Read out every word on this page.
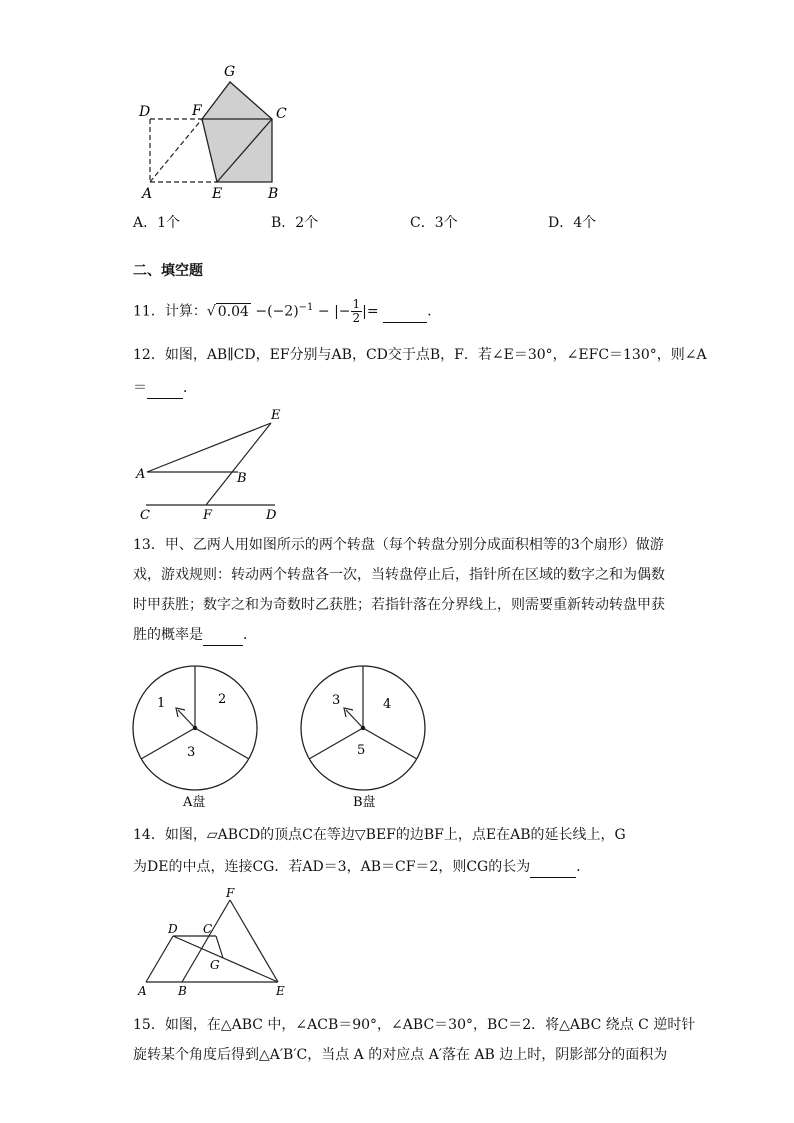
G
D	F	C
A	E	B
A．1个	B．2个	C．3个	D．4个
二、填空题
11．计算：√ $0.04 -(-2)^{-1}$ − |− $\frac{1}{2}$ |=	.
12．如图，AB∥CD，EF分别与AB，CD交于点B，F．若∠E＝30°，∠EFC＝130°，则∠A
＝	．
E
A	B
C	F	D
13．甲、乙两人用如图所示的两个转盘（每个转盘分别分成面积相等的3个扇形）做游
戏，游戏规则：转动两个转盘各一次，当转盘停止后，指针所在区域的数字之和为偶数
时甲获胜；数字之和为奇数时乙获胜；若指针落在分界线上，则需要重新转动转盘甲获
胜的概率是	．
1	2
3
A盘
3	4
5
B盘
14．如图，▱ABCD的顶点C在等边▽BEF的边BF上，点E在AB的延长线上，G
为DE的中点，连接CG．若AD＝3，AB＝CF＝2，则CG的长为	．
F
D C
G
A	B	E
15．如图，在△ABC 中，∠ACB＝90°，∠ABC＝30°，BC＝2．将△ABC 绕点 C 逆时针
旋转某个角度后得到△A′B′C，当点 A 的对应点 A′落在 AB 边上时，阴影部分的面积为
